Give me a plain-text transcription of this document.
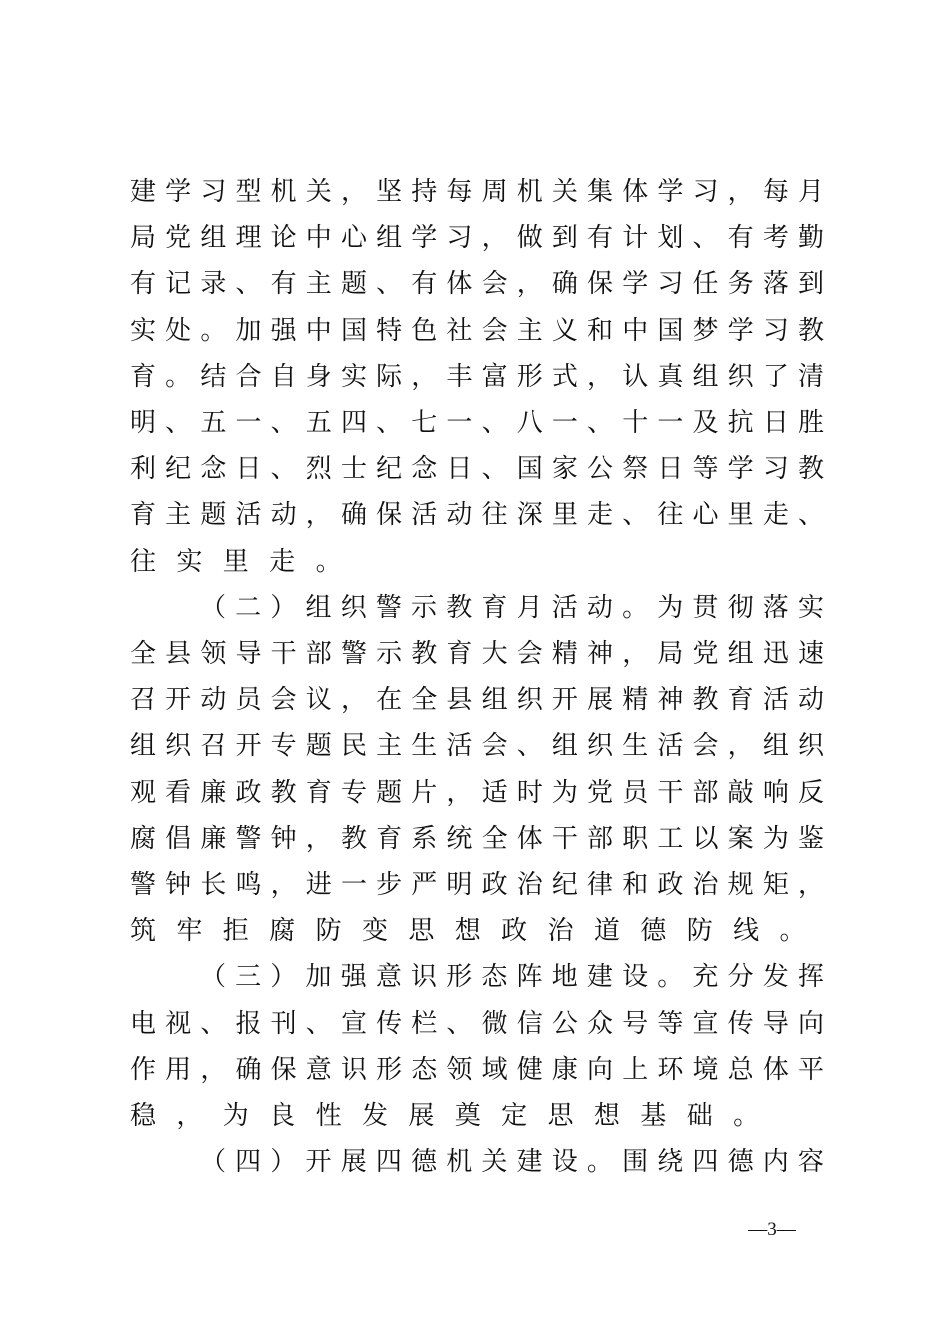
建 学 习 型 机 关 ， 坚 持 每 周 机 关 集 体 学 习 ， 每 月
局 党 组 理 论 中 心 组 学 习 ， 做 到 有 计 划 、 有 考 勤
有 记 录 、 有 主 题 、 有 体 会 ， 确 保 学 习 任 务 落 到
实 处 。 加 强 中 国 特 色 社 会 主 义 和 中 国 梦 学 习 教
育 。 结 合 自 身 实 际 ， 丰 富 形 式 ， 认 真 组 织 了 清
明 、 五 一 、 五 四 、 七 一 、 八 一 、 十 一 及 抗 日 胜
利 纪 念 日 、 烈 士 纪 念 日 、 国 家 公 祭 日 等 学 习 教
育 主 题 活 动 ， 确 保 活 动 往 深 里 走 、 往 心 里 走 、
往 实 里 走 。
（ 二 ） 组 织 警 示 教 育 月 活 动 。 为 贯 彻 落 实
全 县 领 导 干 部 警 示 教 育 大 会 精 神 ， 局 党 组 迅 速
召 开 动 员 会 议 ， 在 全 县 组 织 开 展 精 神 教 育 活 动
组 织 召 开 专 题 民 主 生 活 会 、 组 织 生 活 会 ， 组 织
观 看 廉 政 教 育 专 题 片 ， 适 时 为 党 员 干 部 敲 响 反
腐 倡 廉 警 钟 ， 教 育 系 统 全 体 干 部 职 工 以 案 为 鉴
警 钟 长 鸣 ， 进 一 步 严 明 政 治 纪 律 和 政 治 规 矩 ，
筑 牢 拒 腐 防 变 思 想 政 治 道 德 防 线 。
（ 三 ） 加 强 意 识 形 态 阵 地 建 设 。 充 分 发 挥
电 视 、 报 刊 、 宣 传 栏 、 微 信 公 众 号 等 宣 传 导 向
作 用 ， 确 保 意 识 形 态 领 域 健 康 向 上 环 境 总 体 平
稳 ， 为 良 性 发 展 奠 定 思 想 基 础 。
（ 四 ） 开 展 四 德 机 关 建 设 。 围 绕 四 德 内 容
—3—
